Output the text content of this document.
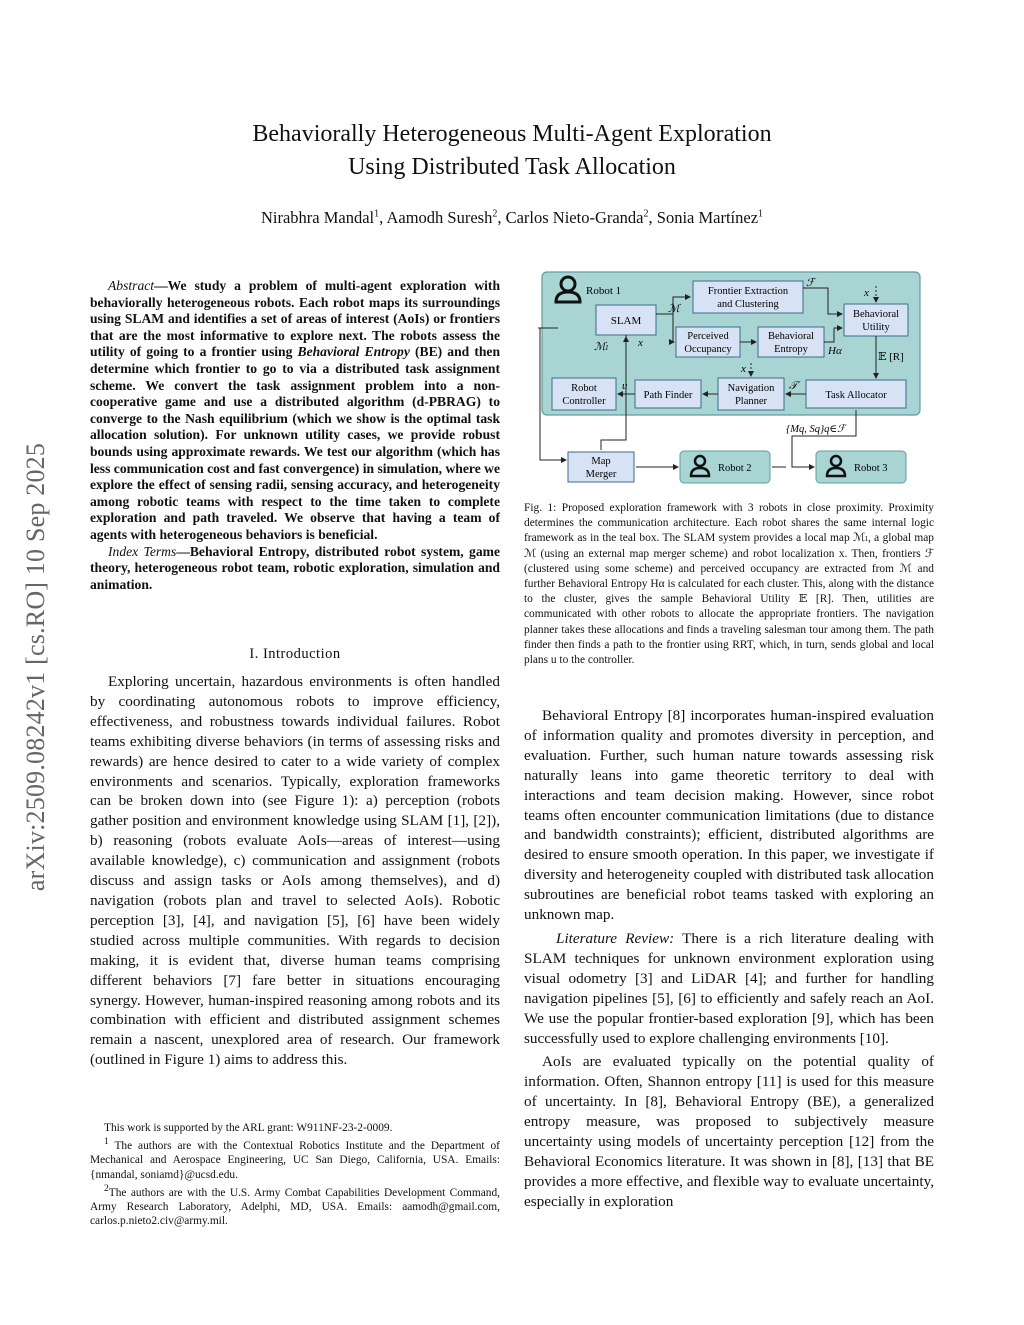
Behaviorally Heterogeneous Multi-Agent Exploration
Using Distributed Task Allocation
Nirabhra Mandal$^1$, Aamodh Suresh$^2$, Carlos Nieto-Granda$^2$, Sonia Martínez$^1$
arXiv:2509.08242v1 [cs.RO] 10 Sep 2025
Abstract—We study a problem of multi-agent exploration with behaviorally heterogeneous robots. Each robot maps its surroundings using SLAM and identifies a set of areas of interest (AoIs) or frontiers that are the most informative to explore next. The robots assess the utility of going to a frontier using Behavioral Entropy (BE) and then determine which frontier to go to via a distributed task assignment scheme. We convert the task assignment problem into a non-cooperative game and use a distributed algorithm (d-PBRAG) to converge to the Nash equilibrium (which we show is the optimal task allocation solution). For unknown utility cases, we provide robust bounds using approximate rewards. We test our algorithm (which has less communication cost and fast convergence) in simulation, where we explore the effect of sensing radii, sensing accuracy, and heterogeneity among robotic teams with respect to the time taken to complete exploration and path traveled. We observe that having a team of agents with heterogeneous behaviors is beneficial.
Index Terms—Behavioral Entropy, distributed robot system, game theory, heterogeneous robot team, robotic exploration, simulation and animation.
I. Introduction

Exploring uncertain, hazardous environments is often handled by coordinating autonomous robots to improve efficiency, effectiveness, and robustness towards individual failures. Robot teams exhibiting diverse behaviors (in terms of assessing risks and rewards) are hence desired to cater to a wide variety of complex environments and scenarios. Typically, exploration frameworks can be broken down into (see Figure 1): a) perception (robots gather position and environment knowledge using SLAM [1], [2]), b) reasoning (robots evaluate AoIs—areas of interest—using available knowledge), c) communication and assignment (robots discuss and assign tasks or AoIs among themselves), and d) navigation (robots plan and travel to selected AoIs). Robotic perception [3], [4], and navigation [5], [6] have been widely studied across multiple communities. With regards to decision making, it is evident that, diverse human teams comprising different behaviors [7] fare better in situations encouraging synergy. However, human-inspired reasoning among robots and its combination with efficient and distributed assignment schemes remain a nascent, unexplored area of research. Our framework (outlined in Figure 1) aims to address this.

This work is supported by the ARL grant: W911NF-23-2-0009.

$^1$ The authors are with the Contextual Robotics Institute and the Department of Mechanical and Aerospace Engineering, UC San Diego, California, USA. Emails: {nmandal, soniamd}@ucsd.edu.

$^2$The authors are with the U.S. Army Combat Capabilities Development Command, Army Research Laboratory, Adelphi, MD, USA. Emails: aamodh@gmail.com, carlos.p.nieto2.civ@army.mil.

Robot 1
SLAM
Frontier Extraction
and Clustering
Perceived
Occupancy
Behavioral
Entropy
Behavioral
Utility
Robot
Controller
Path Finder
Navigation
Planner
Task Allocator
ℳ
ℱ
ℳₗ	x
x
x
Hα	𝔼 [R]
𝒯
u
{Mq, Sq}q∈ℱ
Map
Merger
Robot 2	Robot 3
Fig. 1: Proposed exploration framework with 3 robots in close proximity. Proximity determines the communication architecture. Each robot shares the same internal logic framework as in the teal box. The SLAM system provides a local map ℳₗ, a global map ℳ (using an external map merger scheme) and robot localization x. Then, frontiers ℱ (clustered using some scheme) and perceived occupancy are extracted from ℳ and further Behavioral Entropy Hα is calculated for each cluster. This, along with the distance to the cluster, gives the sample Behavioral Utility 𝔼 [R]. Then, utilities are communicated with other robots to allocate the appropriate frontiers. The navigation planner takes these allocations and finds a traveling salesman tour among them. The path finder then finds a path to the frontier using RRT, which, in turn, sends global and local plans u to the controller.

Behavioral Entropy [8] incorporates human-inspired evaluation of information quality and promotes diversity in perception, and evaluation. Further, such human nature towards assessing risk naturally leans into game theoretic territory to deal with interactions and team decision making. However, since robot teams often encounter communication limitations (due to distance and bandwidth constraints); efficient, distributed algorithms are desired to ensure smooth operation. In this paper, we investigate if diversity and heterogeneity coupled with distributed task allocation subroutines are beneficial robot teams tasked with exploring an unknown map.

Literature Review: There is a rich literature dealing with SLAM techniques for unknown environment exploration using visual odometry [3] and LiDAR [4]; and further for handling navigation pipelines [5], [6] to efficiently and safely reach an AoI. We use the popular frontier-based exploration [9], which has been successfully used to explore challenging environments [10].

AoIs are evaluated typically on the potential quality of information. Often, Shannon entropy [11] is used for this measure of uncertainty. In [8], Behavioral Entropy (BE), a generalized entropy measure, was proposed to subjectively measure uncertainty using models of uncertainty perception [12] from the Behavioral Economics literature. It was shown in [8], [13] that BE provides a more effective, and flexible way to evaluate uncertainty, especially in exploration
